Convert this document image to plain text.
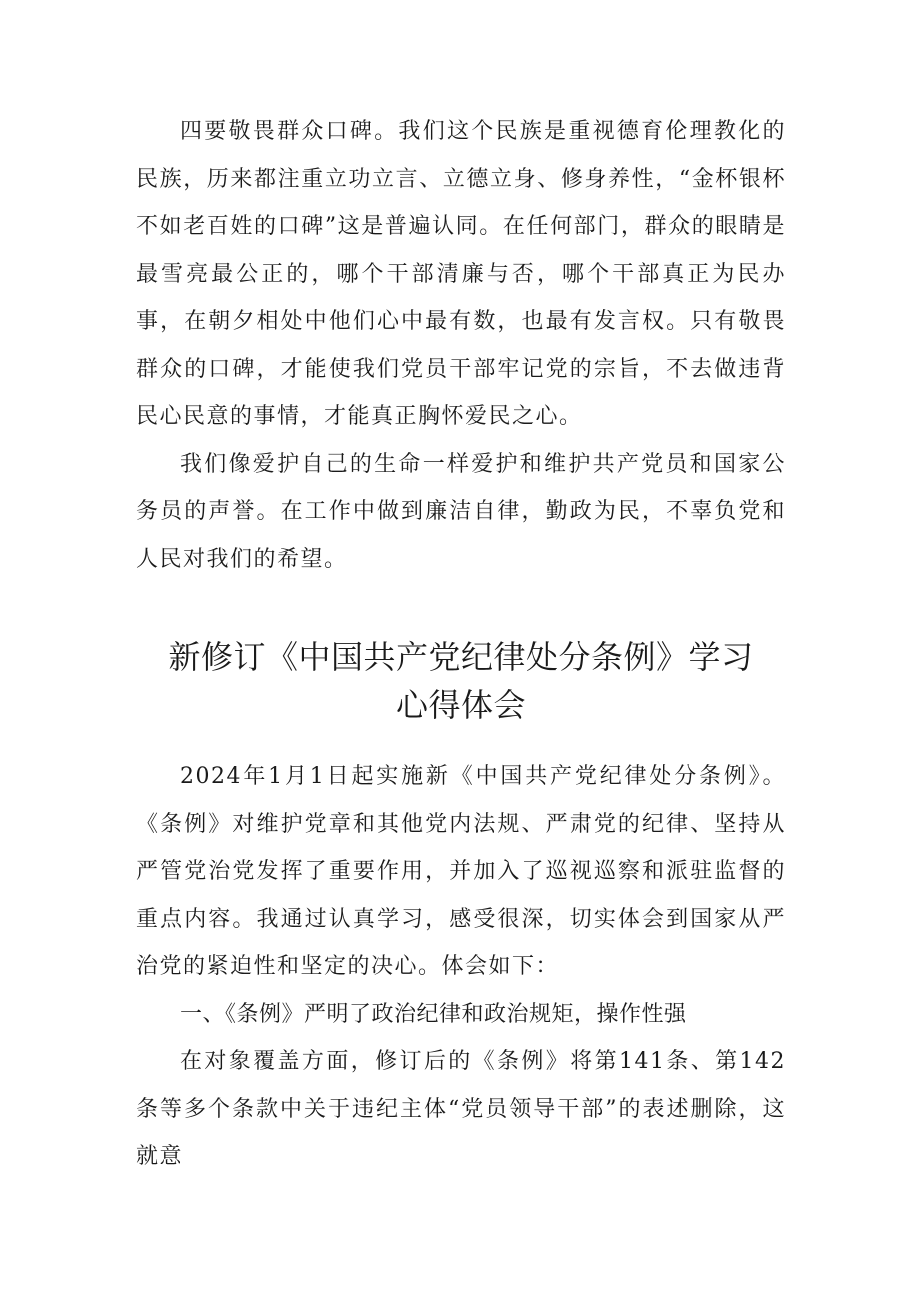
四要敬畏群众口碑。我们这个民族是重视德育伦理教化的民族，历来都注重立功立言、立德立身、修身养性，“金杯银杯不如老百姓的口碑”这是普遍认同。在任何部门，群众的眼睛是最雪亮最公正的，哪个干部清廉与否，哪个干部真正为民办事，在朝夕相处中他们心中最有数，也最有发言权。只有敬畏群众的口碑，才能使我们党员干部牢记党的宗旨，不去做违背民心民意的事情，才能真正胸怀爱民之心。

我们像爱护自己的生命一样爱护和维护共产党员和国家公务员的声誉。在工作中做到廉洁自律，勤政为民，不辜负党和人民对我们的希望。

新修订《中国共产党纪律处分条例》学习
心得体会

2024年1月1日起实施新《中国共产党纪律处分条例》。《条例》对维护党章和其他党内法规、严肃党的纪律、坚持从严管党治党发挥了重要作用，并加入了巡视巡察和派驻监督的重点内容。我通过认真学习，感受很深，切实体会到国家从严治党的紧迫性和坚定的决心。体会如下：

一、《条例》严明了政治纪律和政治规矩，操作性强

在对象覆盖方面，修订后的《条例》将第141条、第142条等多个条款中关于违纪主体“党员领导干部”的表述删除，这就意
